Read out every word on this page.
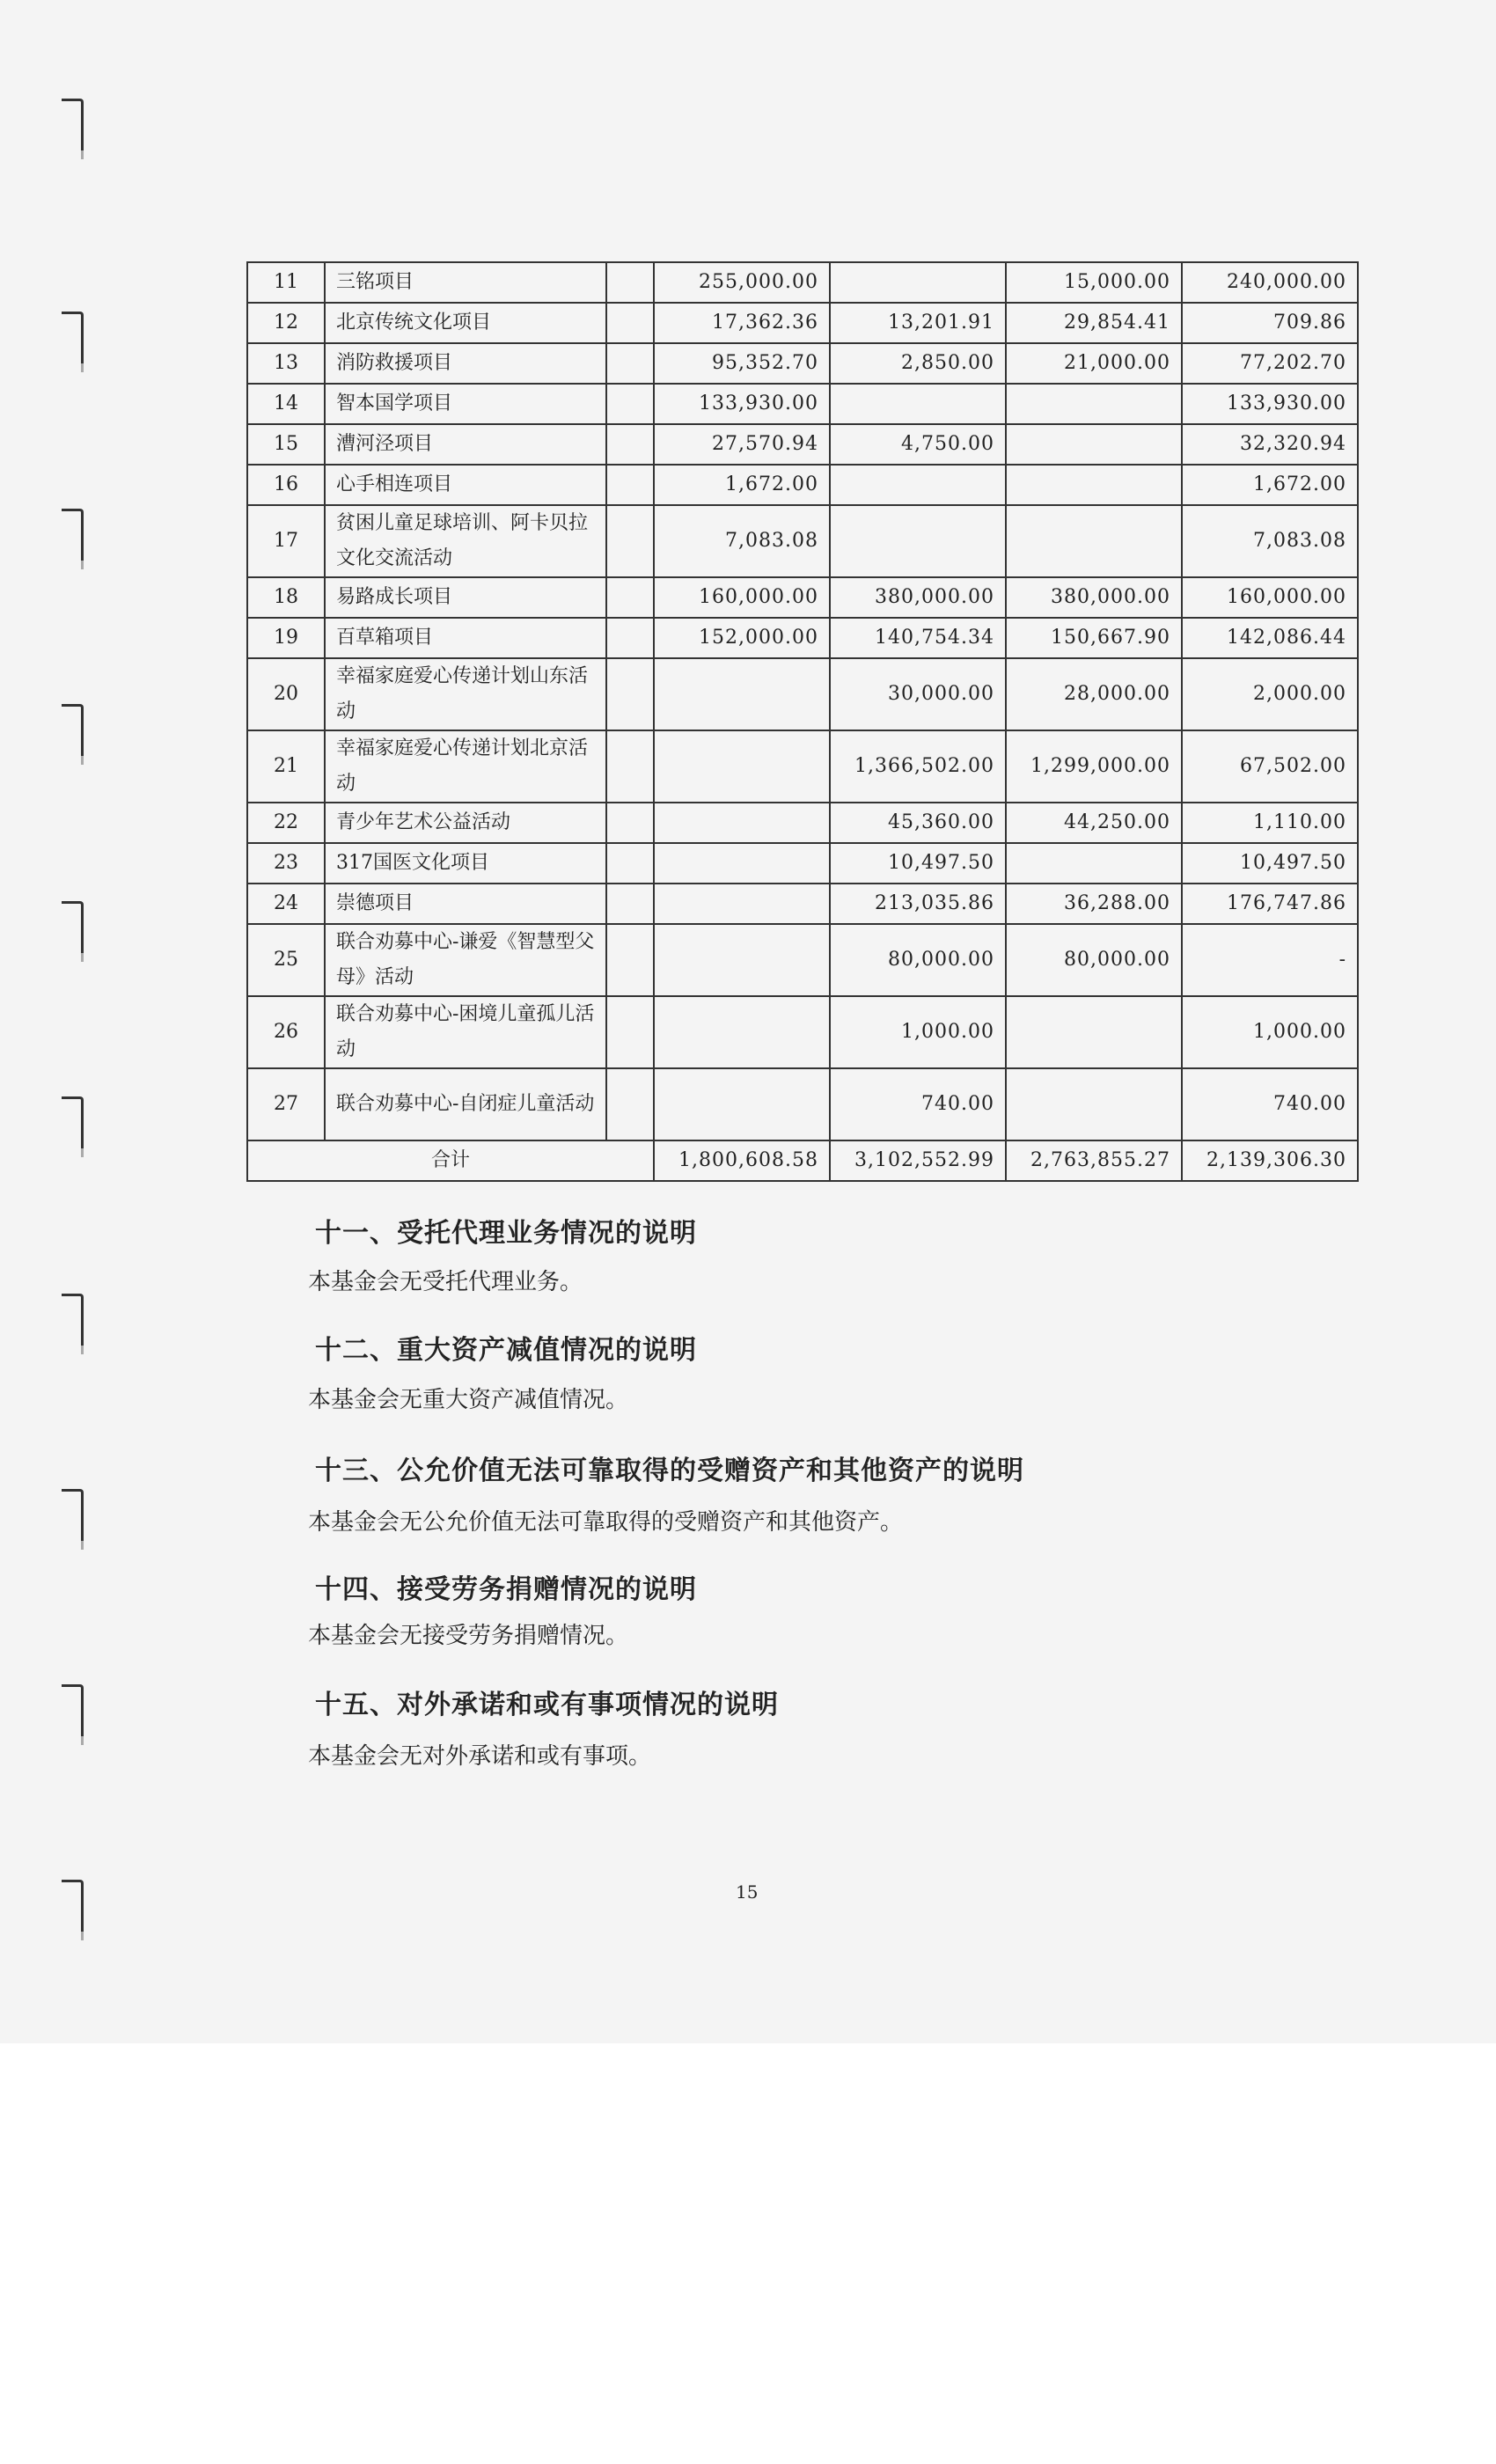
11	三铭项目		255,000.00		15,000.00	240,000.00
12	北京传统文化项目		17,362.36	13,201.91	29,854.41	709.86
13	消防救援项目		95,352.70	2,850.00	21,000.00	77,202.70
14	智本国学项目		133,930.00			133,930.00
15	漕河泾项目		27,570.94	4,750.00		32,320.94
16	心手相连项目		1,672.00			1,672.00
17	贫困儿童足球培训、阿卡贝拉文化交流活动		7,083.08			7,083.08
18	易路成长项目		160,000.00	380,000.00	380,000.00	160,000.00
19	百草箱项目		152,000.00	140,754.34	150,667.90	142,086.44
20	幸福家庭爱心传递计划山东活动			30,000.00	28,000.00	2,000.00
21	幸福家庭爱心传递计划北京活动			1,366,502.00	1,299,000.00	67,502.00
22	青少年艺术公益活动			45,360.00	44,250.00	1,110.00
23	317国医文化项目			10,497.50		10,497.50
24	崇德项目			213,035.86	36,288.00	176,747.86
25	联合劝募中心-谦爱《智慧型父母》活动			80,000.00	80,000.00	-
26	联合劝募中心-困境儿童孤儿活动			1,000.00		1,000.00
27	联合劝募中心-自闭症儿童活动			740.00		740.00
合计			1,800,608.58	3,102,552.99	2,763,855.27	2,139,306.30
十一、受托代理业务情况的说明

本基金会无受托代理业务。

十二、重大资产减值情况的说明

本基金会无重大资产减值情况。

十三、公允价值无法可靠取得的受赠资产和其他资产的说明

本基金会无公允价值无法可靠取得的受赠资产和其他资产。

十四、接受劳务捐赠情况的说明

本基金会无接受劳务捐赠情况。

十五、对外承诺和或有事项情况的说明

本基金会无对外承诺和或有事项。

15
